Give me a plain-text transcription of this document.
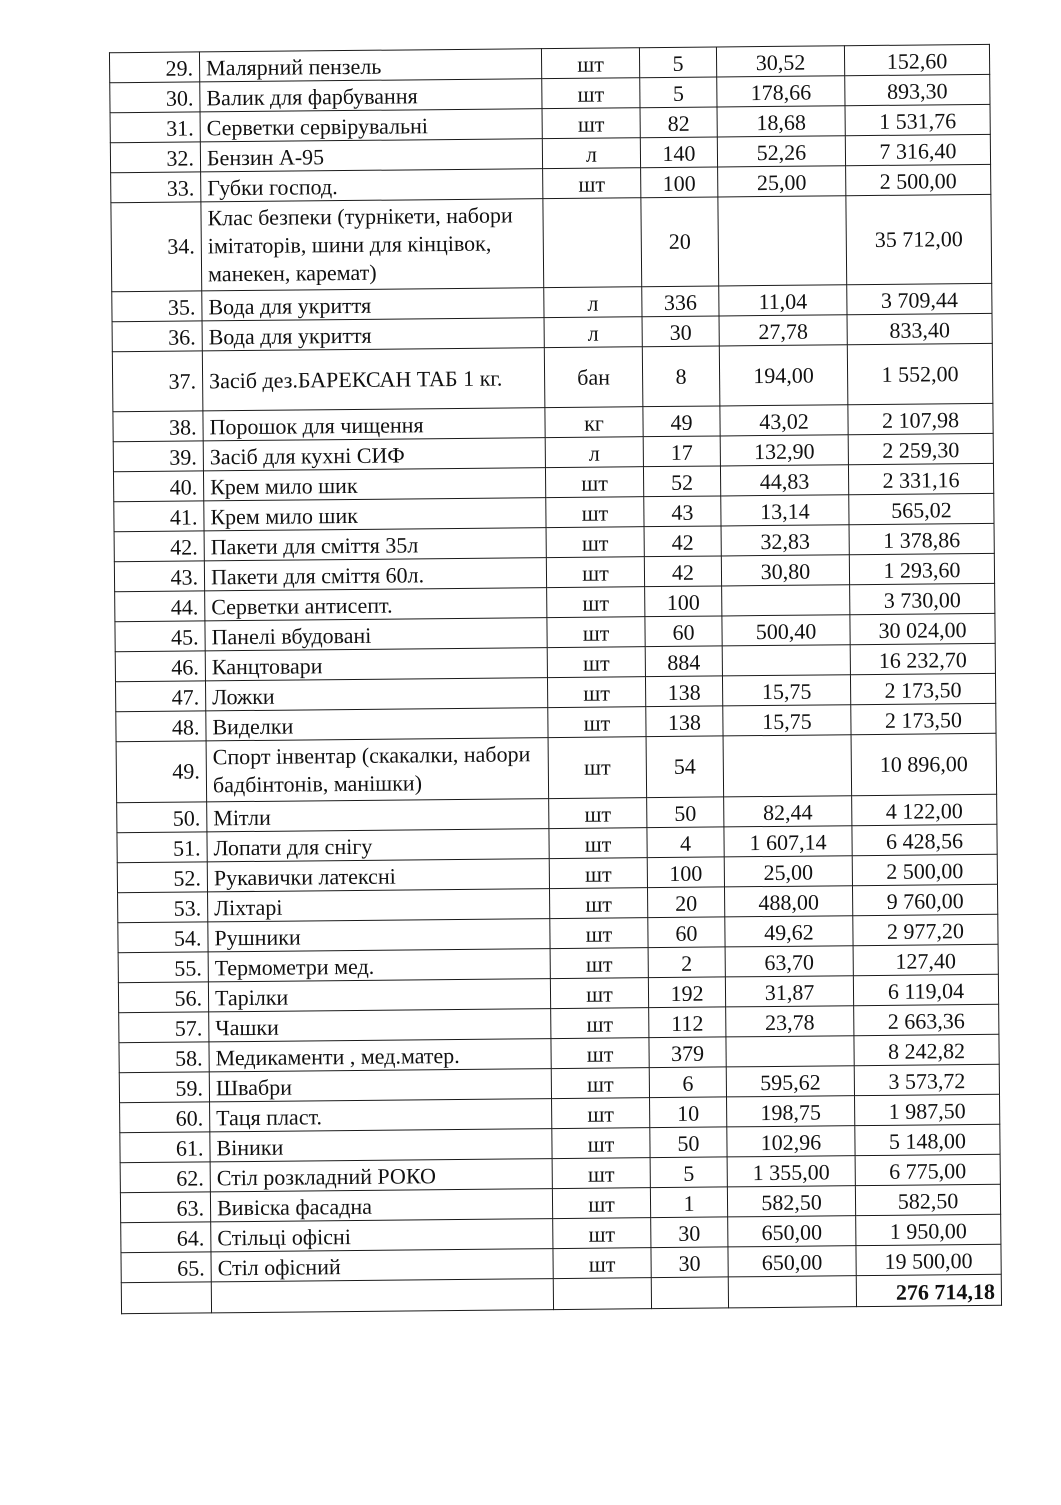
29.	Малярний пензель	шт	5	30,52	152,60
30.	Валик для фарбування	шт	5	178,66	893,30
31.	Серветки сервірувальні	шт	82	18,68	1 531,76
32.	Бензин А-95	л	140	52,26	7 316,40
33.	Губки господ.	шт	100	25,00	2 500,00
34.	Клас безпеки (турнікети, набори імітаторів, шини для кінцівок, манекен, каремат)		20		35 712,00
35.	Вода для укриття	л	336	11,04	3 709,44
36.	Вода для укриття	л	30	27,78	833,40
37.	Засіб дез.БАРЕКСАН ТАБ 1 кг.	бан	8	194,00	1 552,00
38.	Порошок для чищення	кг	49	43,02	2 107,98
39.	Засіб для кухні СИФ	л	17	132,90	2 259,30
40.	Крем мило шик	шт	52	44,83	2 331,16
41.	Крем мило шик	шт	43	13,14	565,02
42.	Пакети для сміття 35л	шт	42	32,83	1 378,86
43.	Пакети для сміття 60л.	шт	42	30,80	1 293,60
44.	Серветки антисепт.	шт	100		3 730,00
45.	Панелі вбудовані	шт	60	500,40	30 024,00
46.	Канцтовари	шт	884		16 232,70
47.	Ложки	шт	138	15,75	2 173,50
48.	Виделки	шт	138	15,75	2 173,50
49.	Спорт інвентар (скакалки, набори бадбінтонів, манішки)	шт	54		10 896,00
50.	Мітли	шт	50	82,44	4 122,00
51.	Лопати для снігу	шт	4	1 607,14	6 428,56
52.	Рукавички латексні	шт	100	25,00	2 500,00
53.	Ліхтарі	шт	20	488,00	9 760,00
54.	Рушники	шт	60	49,62	2 977,20
55.	Термометри мед.	шт	2	63,70	127,40
56.	Тарілки	шт	192	31,87	6 119,04
57.	Чашки	шт	112	23,78	2 663,36
58.	Медикаменти , мед.матер.	шт	379		8 242,82
59.	Швабри	шт	6	595,62	3 573,72
60.	Таця пласт.	шт	10	198,75	1 987,50
61.	Віники	шт	50	102,96	5 148,00
62.	Стіл розкладний РОКО	шт	5	1 355,00	6 775,00
63.	Вивіска фасадна	шт	1	582,50	582,50
64.	Стільці офісні	шт	30	650,00	1 950,00
65.	Стіл офісний	шт	30	650,00	19 500,00
					276 714,18
